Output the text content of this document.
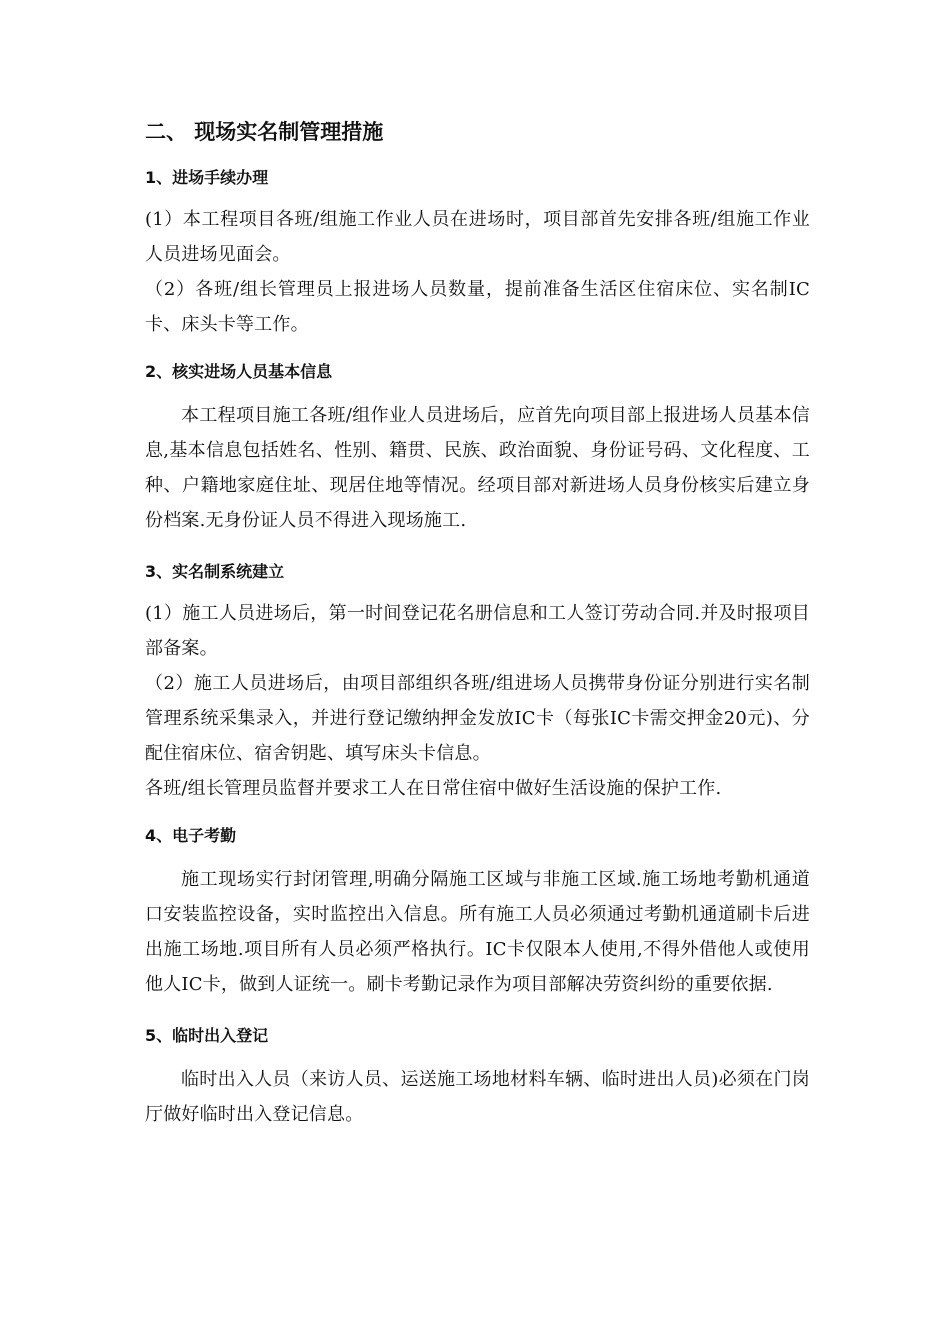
二、 现场实名制管理措施
1、进场手续办理
(1）本工程项目各班/组施工作业人员在进场时，项目部首先安排各班/组施工作业人员进场见面会。
（2）各班/组长管理员上报进场人员数量，提前准备生活区住宿床位、实名制IC卡、床头卡等工作。
2、核实进场人员基本信息
本工程项目施工各班/组作业人员进场后，应首先向项目部上报进场人员基本信息,基本信息包括姓名、性别、籍贯、民族、政治面貌、身份证号码、文化程度、工种、户籍地家庭住址、现居住地等情况。经项目部对新进场人员身份核实后建立身份档案.无身份证人员不得进入现场施工.
3、实名制系统建立
(1）施工人员进场后，第一时间登记花名册信息和工人签订劳动合同.并及时报项目部备案。
（2）施工人员进场后，由项目部组织各班/组进场人员携带身份证分别进行实名制管理系统采集录入，并进行登记缴纳押金发放IC卡（每张IC卡需交押金20元)、分配住宿床位、宿舍钥匙、填写床头卡信息。
各班/组长管理员监督并要求工人在日常住宿中做好生活设施的保护工作.
4、电子考勤
施工现场实行封闭管理,明确分隔施工区域与非施工区域.施工场地考勤机通道口安装监控设备，实时监控出入信息。所有施工人员必须通过考勤机通道刷卡后进出施工场地.项目所有人员必须严格执行。IC卡仅限本人使用,不得外借他人或使用他人IC卡，做到人证统一。刷卡考勤记录作为项目部解决劳资纠纷的重要依据.
5、临时出入登记
临时出入人员（来访人员、运送施工场地材料车辆、临时进出人员)必须在门岗厅做好临时出入登记信息。
